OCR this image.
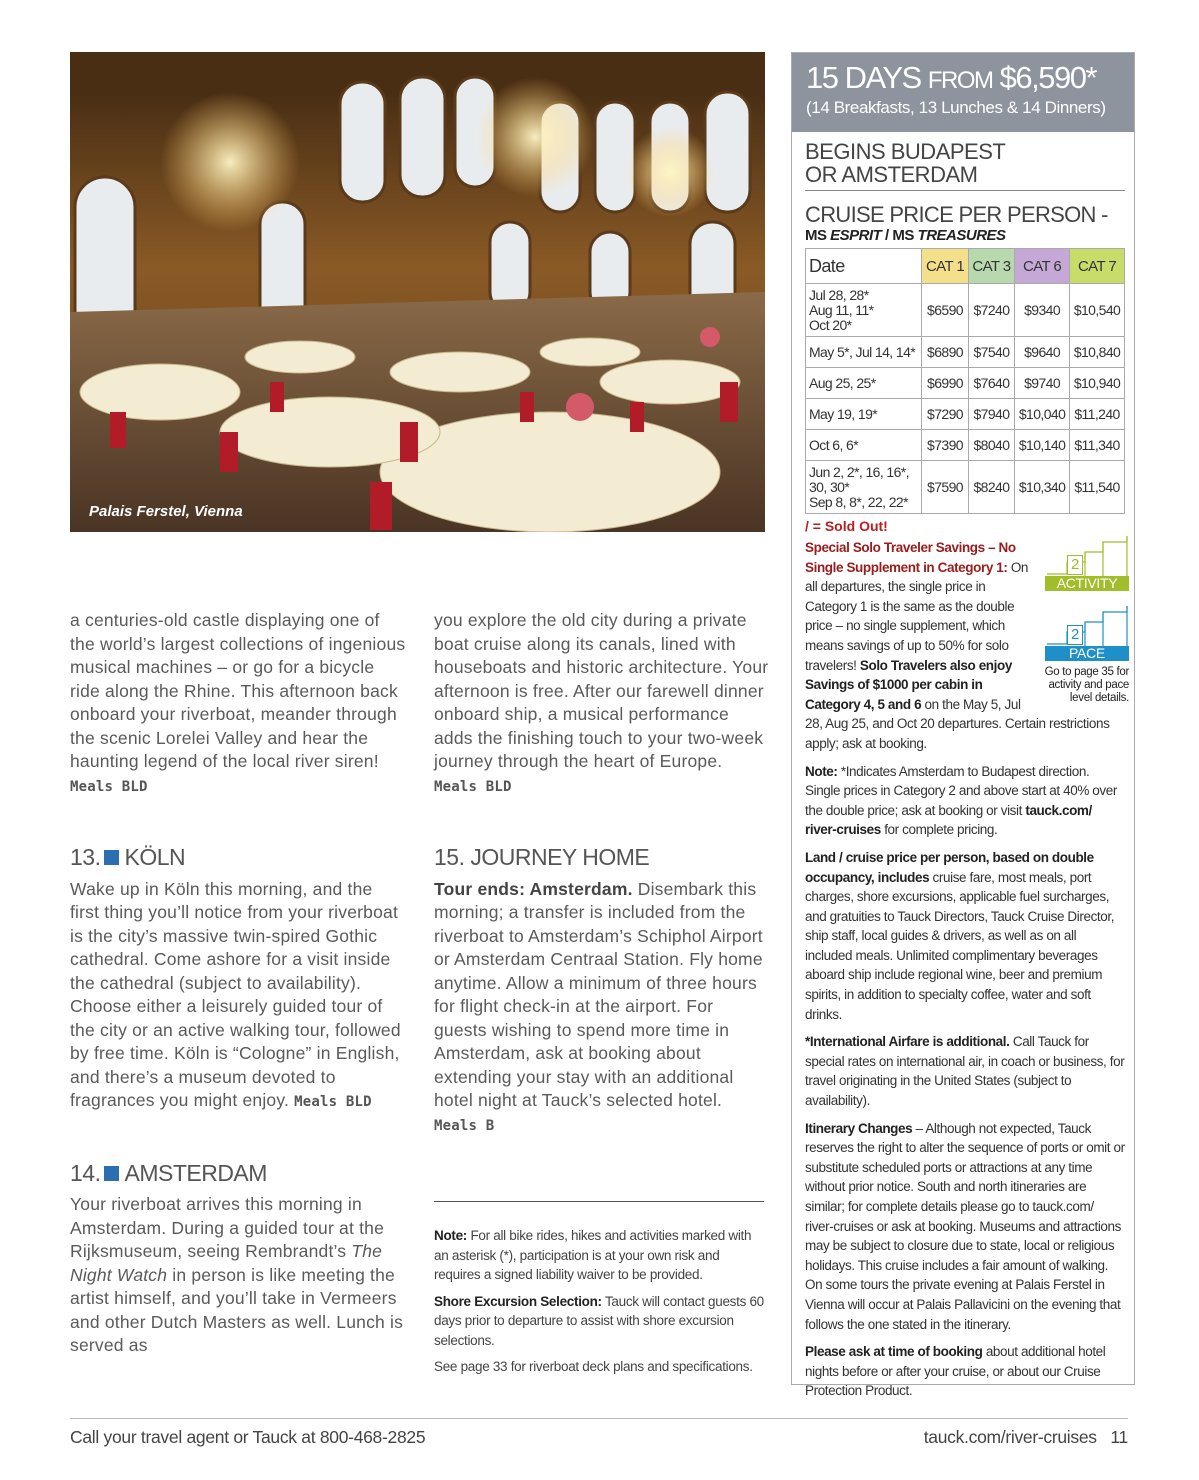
Palais Ferstel, Vienna

a centuries-old castle displaying one of the world’s largest collections of ingenious musical machines – or go for a bicycle ride along the Rhine. This afternoon back onboard your riverboat, meander through the scenic Lorelei Valley and hear the haunting legend of the local river siren! Meals BLD

13. KÖLN

Wake up in Köln this morning, and the first thing you’ll notice from your riverboat is the city’s massive twin-spired Gothic cathedral. Come ashore for a visit inside the cathedral (subject to availability). Choose either a leisurely guided tour of the city or an active walking tour, followed by free time. Köln is “Cologne” in English, and there’s a museum devoted to fragrances you might enjoy. Meals BLD

14. AMSTERDAM

Your riverboat arrives this morning in Amsterdam. During a guided tour at the Rijksmuseum, seeing Rembrandt’s The Night Watch in person is like meeting the artist himself, and you’ll take in Vermeers and other Dutch Masters as well. Lunch is served as

you explore the old city during a private boat cruise along its canals, lined with houseboats and historic architecture. Your afternoon is free. After our farewell dinner onboard ship, a musical performance adds the finishing touch to your two-week journey through the heart of Europe. Meals BLD

15.
JOURNEY HOME

Tour ends: Amsterdam. Disembark this morning; a transfer is included from the riverboat to Amsterdam’s Schiphol Airport or Amsterdam Centraal Station. Fly home anytime. Allow a minimum of three hours for flight check-in at the airport. For guests wishing to spend more time in Amsterdam, ask at booking about extending your stay with an additional hotel night at Tauck’s selected hotel. Meals B

Note: For all bike rides, hikes and activities marked with an asterisk (*), participation is at your own risk and requires a signed liability waiver to be provided.

Shore Excursion Selection: Tauck will contact guests 60 days prior to departure to assist with shore excursion selections.

See page 33 for riverboat deck plans and specifications.

15 DAYS FROM $6,590*
(14 Breakfasts, 13 Lunches & 14 Dinners)
BEGINS BUDAPEST
OR AMSTERDAM
CRUISE PRICE PER PERSON -
MS ESPRIT / MS TREASURES
Date	CAT 1	CAT 3	CAT 6	CAT 7

Jul 28, 28*
Aug 11, 11*
Oct 20*	$6590	$7240	$9340	$10,540

May 5*, Jul 14, 14*	$6890	$7540	$9640	$10,840

Aug 25, 25*	$6990	$7640	$9740	$10,940

May 19, 19*	$7290	$7940	$10,040	$11,240

Oct 6, 6*	$7390	$8040	$10,140	$11,340

Jun 2, 2*, 16, 16*,
30, 30*
Sep 8, 8*, 22, 22*	$7590	$8240	$10,340	$11,540
/ = Sold Out!
2
ACTIVITY
2
PACE
Go to page 35 for activity and pace level details.

Special Solo Traveler Savings – No Single Supplement in Category 1: On all departures, the single price in Category 1 is the same as the double price – no single supplement, which means savings of up to 50% for solo travelers! Solo Travelers also enjoy Savings of $1000 per cabin in Category 4, 5 and 6 on the May 5, Jul 28, Aug 25, and Oct 20 departures. Certain restrictions apply; ask at booking.

Note: *Indicates Amsterdam to Budapest direction. Single prices in Category 2 and above start at 40% over the double price; ask at booking or visit tauck.com/ river-cruises for complete pricing.

Land / cruise price per person, based on double occupancy, includes cruise fare, most meals, port charges, shore excursions, applicable fuel surcharges, and gratuities to Tauck Directors, Tauck Cruise Director, ship staff, local guides & drivers, as well as on all included meals. Unlimited complimentary beverages aboard ship include regional wine, beer and premium spirits, in addition to specialty coffee, water and soft drinks.

*International Airfare is additional. Call Tauck for special rates on international air, in coach or business, for travel originating in the United States (subject to availability).

Itinerary Changes – Although not expected, Tauck reserves the right to alter the sequence of ports or omit or substitute scheduled ports or attractions at any time without prior notice. South and north itineraries are similar; for complete details please go to tauck.com/ river-cruises or ask at booking. Museums and attractions may be subject to closure due to state, local or religious holidays. This cruise includes a fair amount of walking. On some tours the private evening at Palais Ferstel in Vienna will occur at Palais Pallavicini on the evening that follows the one stated in the itinerary.

Please ask at time of booking about additional hotel nights before or after your cruise, or about our Cruise Protection Product.

Call your travel agent or Tauck at 800-468-2825	tauck.com/river-cruises 11
